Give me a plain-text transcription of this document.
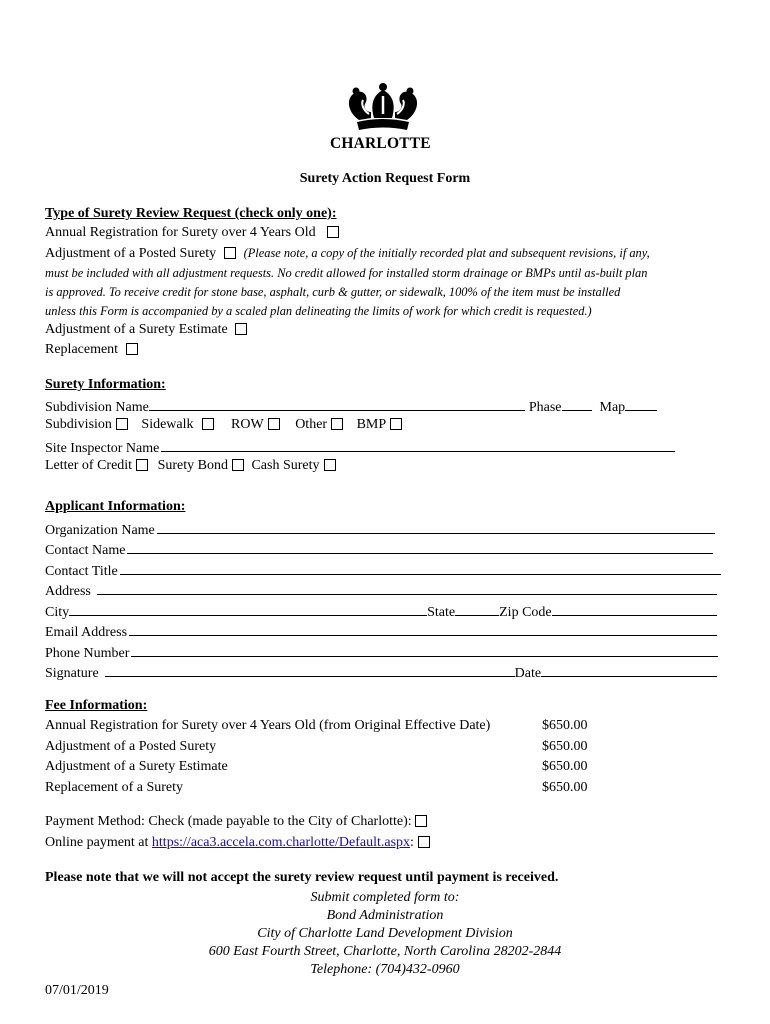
CHARLOTTE
Surety Action Request Form
Type of Surety Review Request (check only one):
Annual Registration for Surety over 4 Years Old
Adjustment of a Posted Surety (Please note, a copy of the initially recorded plat and subsequent revisions, if any,
must be included with all adjustment requests. No credit allowed for installed storm drainage or BMPs until as-built plan
is approved. To receive credit for stone base, asphalt, curb & gutter, or sidewalk, 100% of the item must be installed
unless this Form is accompanied by a scaled plan delineating the limits of work for which credit is requested.)
Adjustment of a Surety Estimate
Replacement
Surety Information:
Subdivision Name	Phase	Map
Subdivision Sidewalk	ROW Other BMP
Site Inspector Name
Letter of Credit Surety Bond Cash Surety
Applicant Information:
Organization Name
Contact Name
Contact Title
Address
City	State	Zip Code
Email Address
Phone Number
Signature	Date
Fee Information:
Annual Registration for Surety over 4 Years Old (from Original Effective Date)	$650.00
Adjustment of a Posted Surety	$650.00
Adjustment of a Surety Estimate	$650.00
Replacement of a Surety	$650.00
Payment Method: Check (made payable to the City of Charlotte):
Online payment at https://aca3.accela.com.charlotte/Default.aspx:
Please note that we will not accept the surety review request until payment is received.
Submit completed form to:
Bond Administration
City of Charlotte Land Development Division
600 East Fourth Street, Charlotte, North Carolina 28202-2844
Telephone: (704)432-0960
07/01/2019
